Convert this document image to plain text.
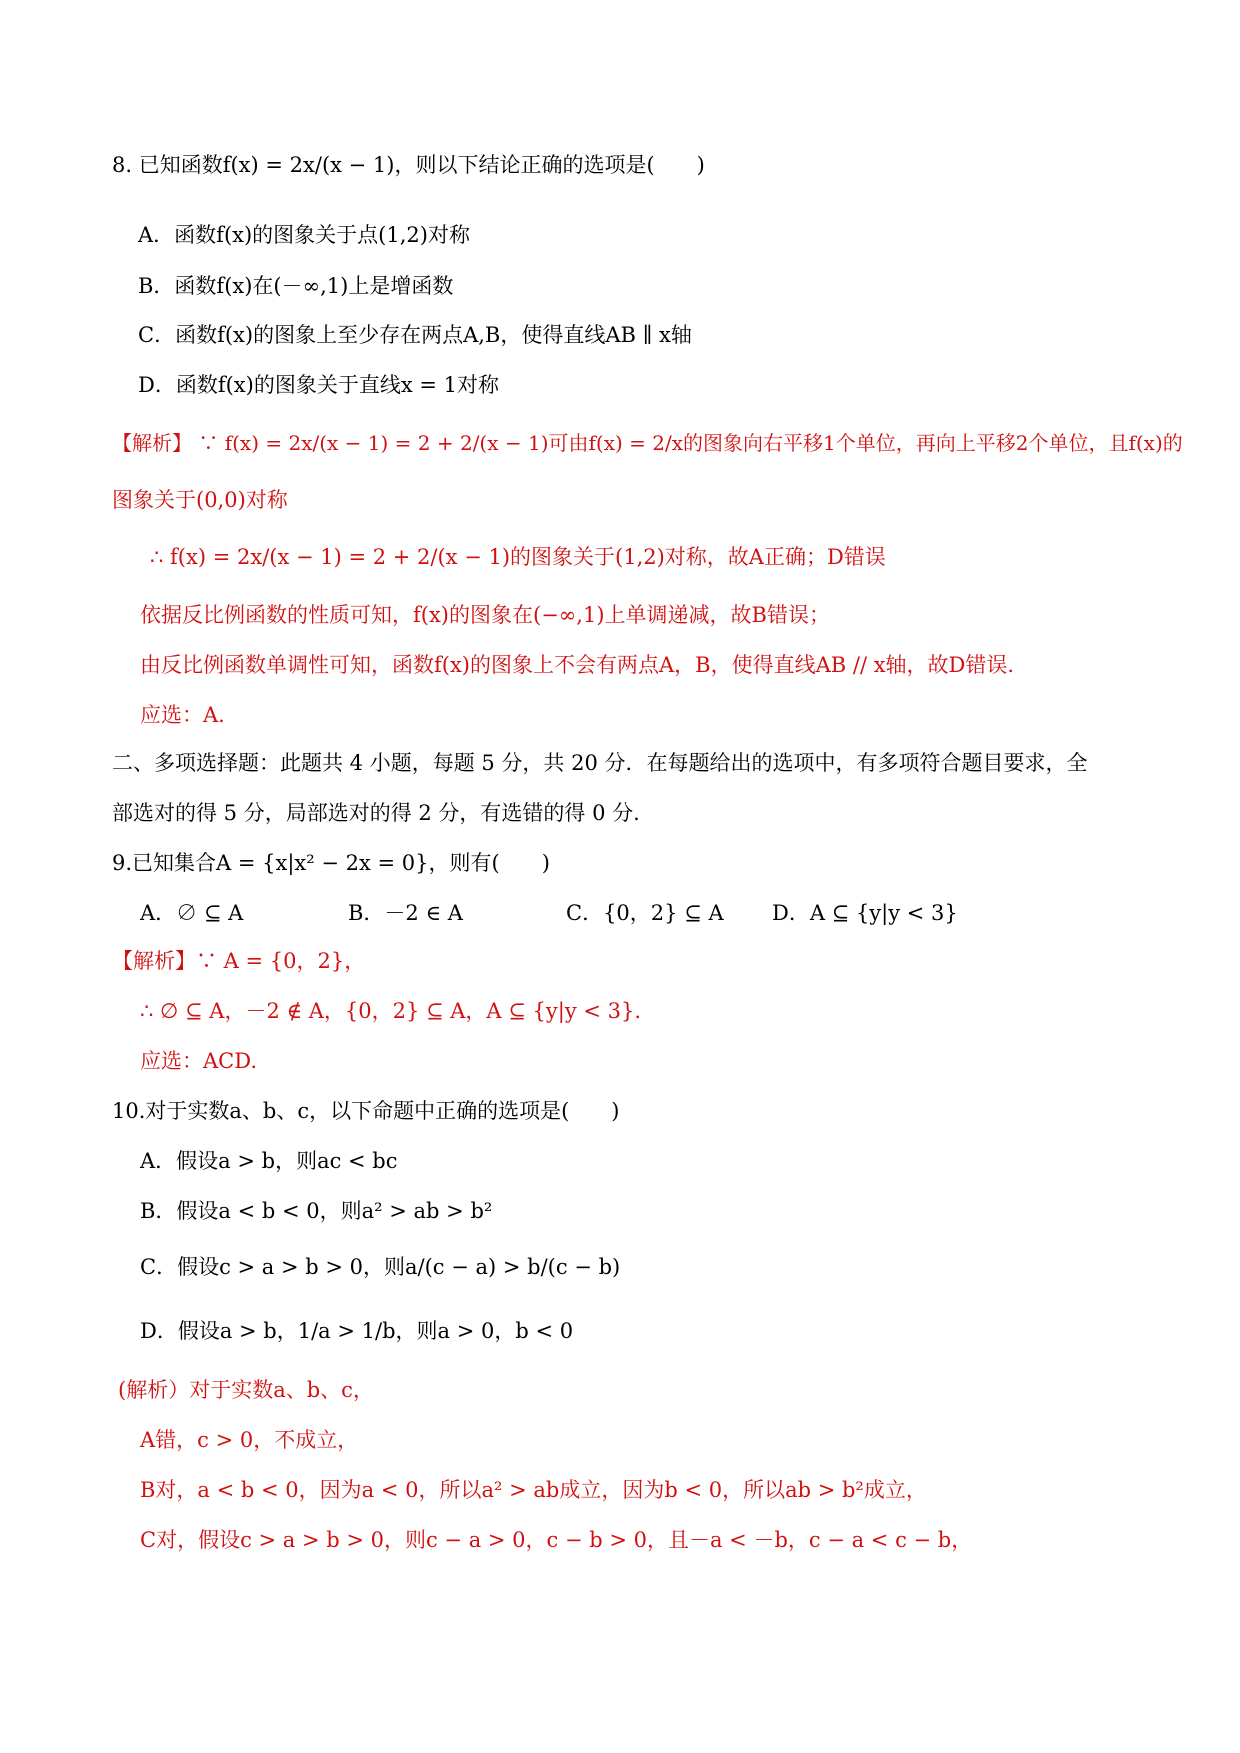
8. 已知函数f(x) = 2x/(x − 1)，则以下结论正确的选项是(　　)
A．函数f(x)的图象关于点(1,2)对称
B．函数f(x)在(－∞,1)上是增函数
C．函数f(x)的图象上至少存在两点A,B，使得直线AB ∥ x轴
D．函数f(x)的图象关于直线x = 1对称
【解析】 ∵ f(x) = 2x/(x − 1) = 2 + 2/(x − 1)可由f(x) = 2/x的图象向右平移1个单位，再向上平移2个单位，且f(x)的
图象关于(0,0)对称
∴ f(x) = 2x/(x − 1) = 2 + 2/(x − 1)的图象关于(1,2)对称，故A正确；D错误
依据反比例函数的性质可知，f(x)的图象在(−∞,1)上单调递减，故B错误；
由反比例函数单调性可知，函数f(x)的图象上不会有两点A，B，使得直线AB // x轴，故D错误.
应选：A.
二、多项选择题：此题共 4 小题，每题 5 分，共 20 分．在每题给出的选项中，有多项符合题目要求，全
部选对的得 5 分，局部选对的得 2 分，有选错的得 0 分.
9.已知集合A = {x|x² − 2x = 0}，则有(　　)
A．∅ ⊆ A	B．－2 ∈ A	C．{0，2} ⊆ A D．A ⊆ {y|y < 3}
【解析】∵ A = {0，2}，
∴ ∅ ⊆ A，－2 ∉ A，{0，2} ⊆ A，A ⊆ {y|y < 3}.
应选：ACD.
10.对于实数a、b、c，以下命题中正确的选项是(　　)
A．假设a > b，则ac < bc
B．假设a < b < 0，则a² > ab > b²
C．假设c > a > b > 0，则a/(c − a) > b/(c − b)
D．假设a > b，1/a > 1/b，则a > 0，b < 0
(解析）对于实数a、b、c，
A错，c > 0，不成立，
B对，a < b < 0，因为a < 0，所以a² > ab成立，因为b < 0，所以ab > b²成立，
C对，假设c > a > b > 0，则c − a > 0，c − b > 0，且－a < －b，c − a < c − b，
